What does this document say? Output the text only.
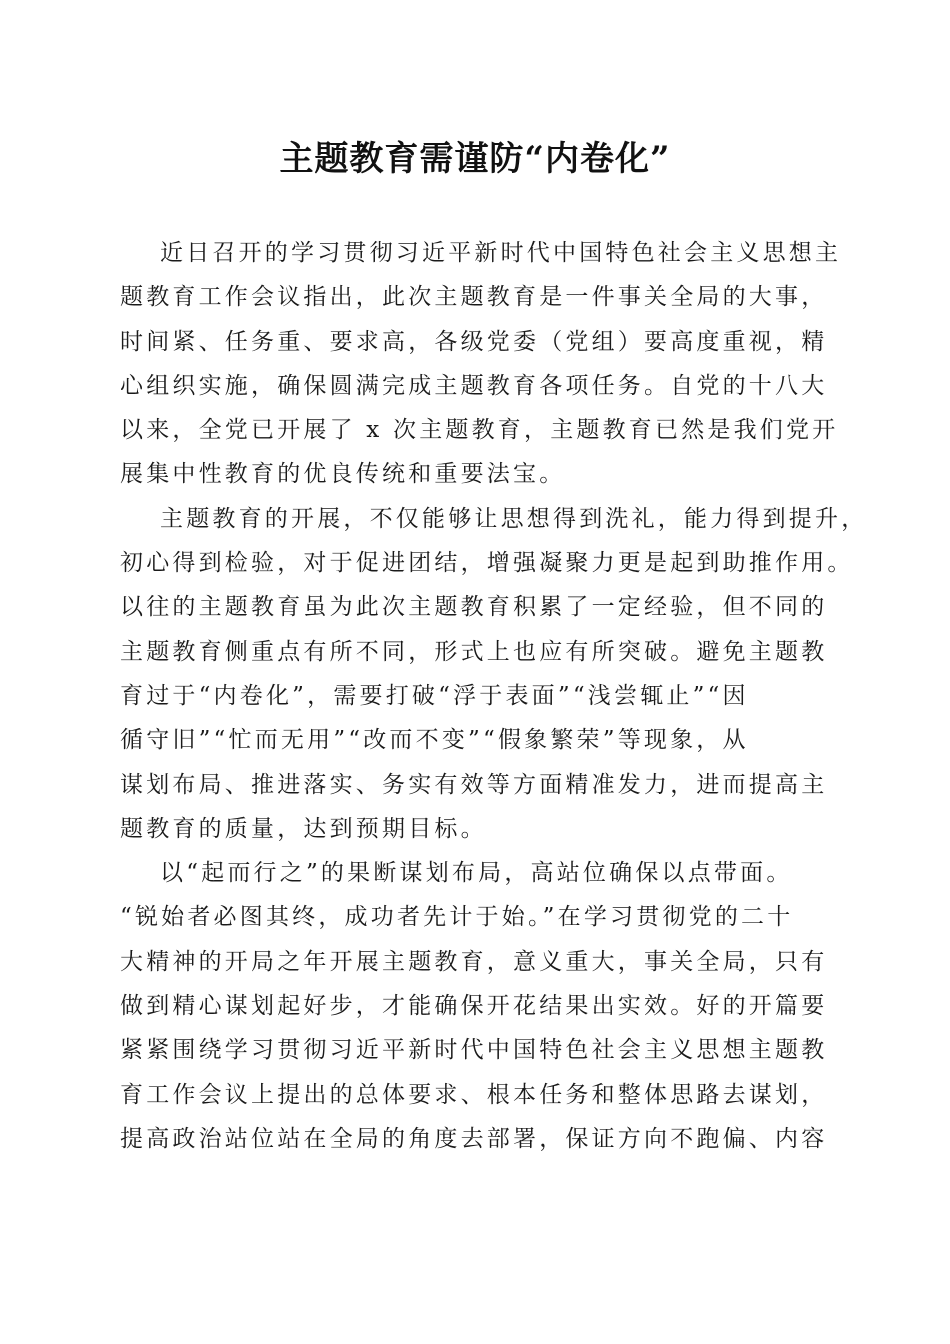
主题教育需谨防“内卷化”
近日召开的学习贯彻习近平新时代中国特色社会主义思想主
题教育工作会议指出，此次主题教育是一件事关全局的大事，
时间紧、任务重、要求高，各级党委（党组）要高度重视，精
心组织实施，确保圆满完成主题教育各项任务。自党的十八大
以来，全党已开展了 x 次主题教育，主题教育已然是我们党开
展集中性教育的优良传统和重要法宝。
主题教育的开展，不仅能够让思想得到洗礼，能力得到提升，
初心得到检验，对于促进团结，增强凝聚力更是起到助推作用。
以往的主题教育虽为此次主题教育积累了一定经验，但不同的
主题教育侧重点有所不同，形式上也应有所突破。避免主题教
育过于“内卷化”，需要打破“浮于表面”“浅尝辄止”“因
循守旧”“忙而无用”“改而不变”“假象繁荣”等现象，从
谋划布局、推进落实、务实有效等方面精准发力，进而提高主
题教育的质量，达到预期目标。
以“起而行之”的果断谋划布局，高站位确保以点带面。
“锐始者必图其终，成功者先计于始。”在学习贯彻党的二十
大精神的开局之年开展主题教育，意义重大，事关全局，只有
做到精心谋划起好步，才能确保开花结果出实效。好的开篇要
紧紧围绕学习贯彻习近平新时代中国特色社会主义思想主题教
育工作会议上提出的总体要求、根本任务和整体思路去谋划，
提高政治站位站在全局的角度去部署，保证方向不跑偏、内容
